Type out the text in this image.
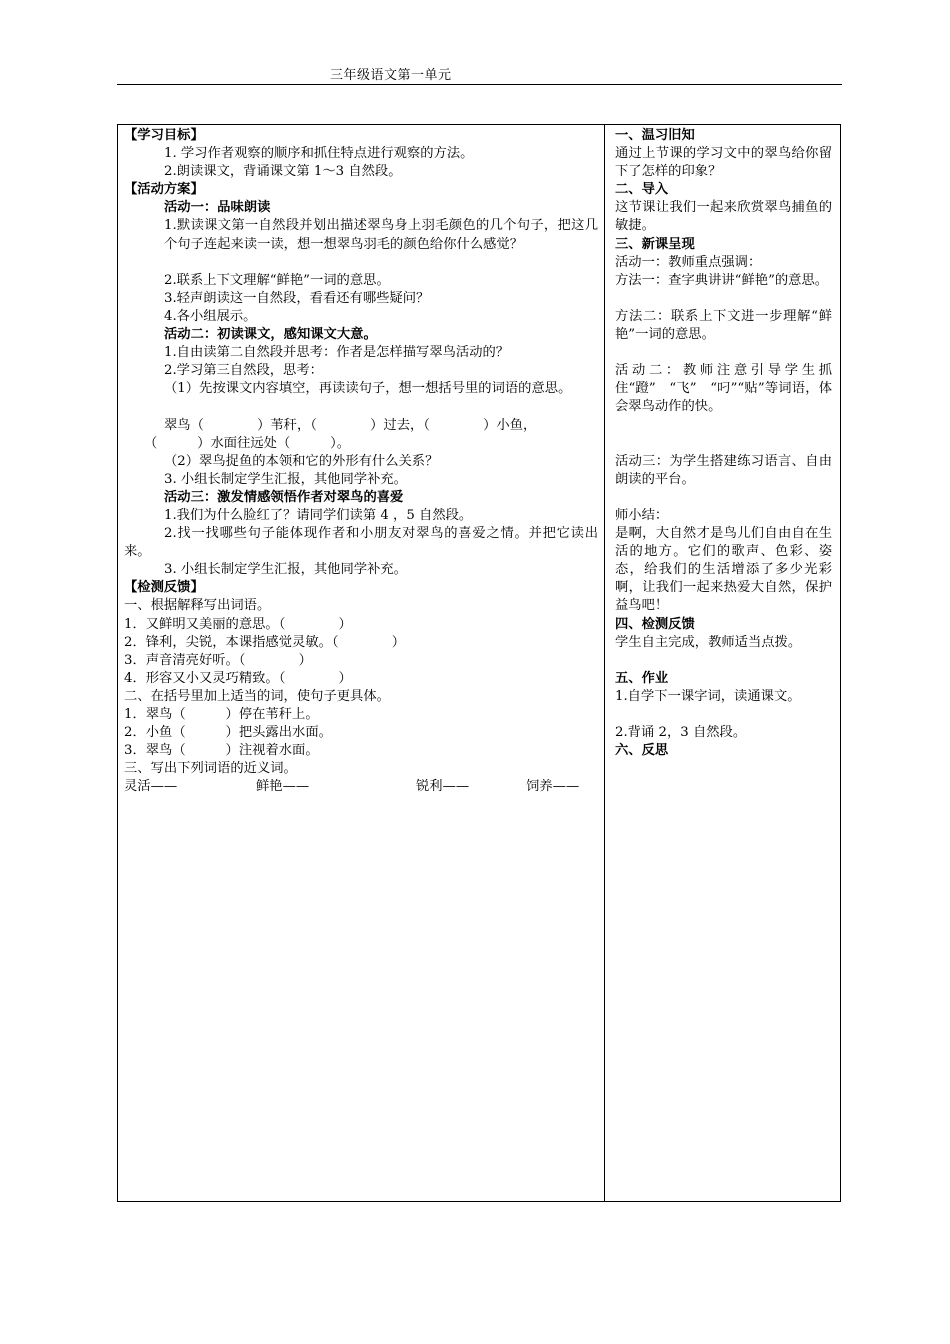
三年级语文第一单元
【学习目标】
1. 学习作者观察的顺序和抓住特点进行观察的方法。
2.朗读课文，背诵课文第 1～3 自然段。
【活动方案】
活动一：品味朗读
1.默读课文第一自然段并划出描述翠鸟身上羽毛颜色的几个句子，把这几个句子连起来读一读，想一想翠鸟羽毛的颜色给你什么感觉？
2.联系上下文理解“鲜艳”一词的意思。
3.轻声朗读这一自然段，看看还有哪些疑问？
4.各小组展示。
活动二：初读课文，感知课文大意。
1.自由读第二自然段并思考：作者是怎样描写翠鸟活动的？
2.学习第三自然段，思考：
（1）先按课文内容填空，再读读句子，想一想括号里的词语的意思。
翠鸟（　　　　）苇秆，（　　　　）过去，（　　　　）小鱼，
（　　　）水面往远处（　　　）。
（2）翠鸟捉鱼的本领和它的外形有什么关系？
3. 小组长制定学生汇报，其他同学补充。
活动三：激发情感领悟作者对翠鸟的喜爱
1.我们为什么脸红了？请同学们读第 4 ，5 自然段。
2.找一找哪些句子能体现作者和小朋友对翠鸟的喜爱之情。并把它读出来。
3. 小组长制定学生汇报，其他同学补充。
【检测反馈】
一、根据解释写出词语。
1．又鲜明又美丽的意思。（　　　　）
2．锋利，尖锐，本课指感觉灵敏。（　　　　）
3．声音清亮好听。（　　　　）
4．形容又小又灵巧精致。（　　　　）
二、在括号里加上适当的词，使句子更具体。
1．翠鸟（　　　）停在苇秆上。
2．小鱼（　　　）把头露出水面。
3．翠鸟（　　　）注视着水面。
三、写出下列词语的近义词。
灵活——	鲜艳——	锐利——	饲养——
一、温习旧知
通过上节课的学习文中的翠鸟给你留下了怎样的印象？
二、导入
这节课让我们一起来欣赏翠鸟捕鱼的敏捷。
三、新课呈现
活动一：教师重点强调：
方法一：查字典讲讲“鲜艳”的意思。
方法二：联系上下文进一步理解“鲜艳”一词的意思。
活动二：教师注意引导学生抓住“蹬”　“飞”　“叼”“贴”等词语，体会翠鸟动作的快。
活动三：为学生搭建练习语言、自由朗读的平台。
师小结：
是啊，大自然才是鸟儿们自由自在生活的地方。它们的歌声、色彩、姿态，给我们的生活增添了多少光彩啊，让我们一起来热爱大自然，保护益鸟吧！
四、检测反馈
学生自主完成，教师适当点拨。
五、作业
1.自学下一课字词，读通课文。
2.背诵 2，3 自然段。
六、反思
